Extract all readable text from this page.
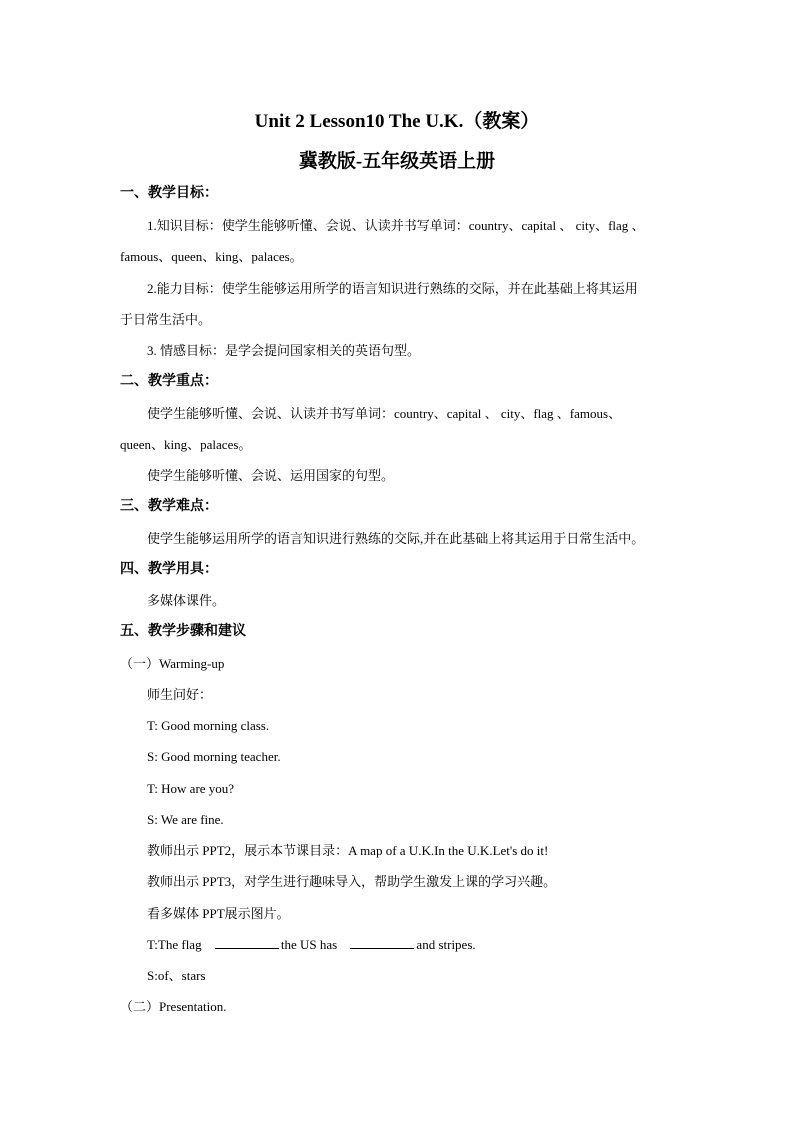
Unit 2 Lesson10 The U.K.（教案）
冀教版-五年级英语上册
一、教学目标：
1.知识目标：使学生能够听懂、会说、认读并书写单词：country、capital 、 city、flag 、
famous、queen、king、palaces。
2.能力目标：使学生能够运用所学的语言知识进行熟练的交际，并在此基础上将其运用
于日常生活中。
3. 情感目标：是学会提问国家相关的英语句型。
二、教学重点：
使学生能够听懂、会说、认读并书写单词：country、capital 、 city、flag 、famous、
queen、king、palaces。
使学生能够听懂、会说、运用国家的句型。
三、教学难点：
使学生能够运用所学的语言知识进行熟练的交际,并在此基础上将其运用于日常生活中。
四、教学用具：
多媒体课件。
五、教学步骤和建议
（一）Warming-up
师生问好：
T: Good morning class.
S: Good morning teacher.
T: How are you?
S: We are fine.
教师出示 PPT2，展示本节课目录：A map of a U.K.In the U.K.Let's do it!
教师出示 PPT3，对学生进行趣味导入，帮助学生激发上课的学习兴趣。
看多媒体 PPT展示图片。
T:The flag	the US has	and stripes.
S:of、stars
（二）Presentation.
